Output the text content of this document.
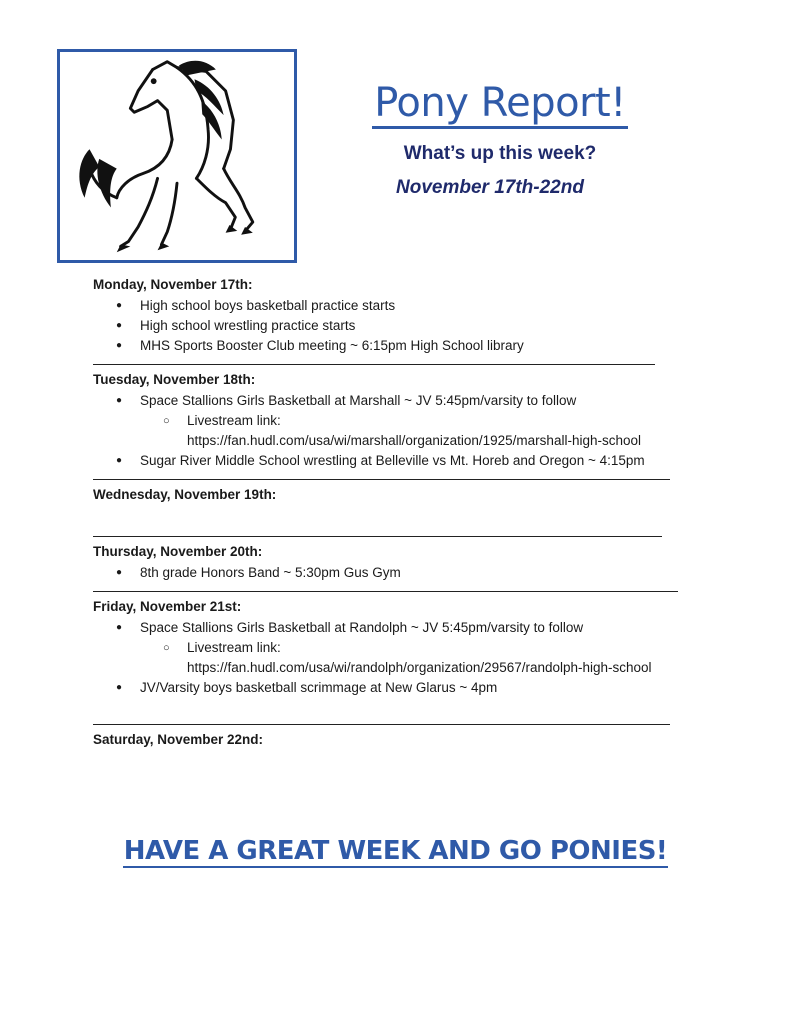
Pony Report!
What’s up this week?
November 17th-22nd
Monday, November 17th:
● High school boys basketball practice starts
● High school wrestling practice starts
● MHS Sports Booster Club meeting ~ 6:15pm High School library
Tuesday, November 18th:
● Space Stallions Girls Basketball at Marshall ~ JV 5:45pm/varsity to follow
○ Livestream link:
https://fan.hudl.com/usa/wi/marshall/organization/1925/marshall-high-school
● Sugar River Middle School wrestling at Belleville vs Mt. Horeb and Oregon ~ 4:15pm
Wednesday, November 19th:
Thursday, November 20th:
● 8th grade Honors Band ~ 5:30pm Gus Gym
Friday, November 21st:
● Space Stallions Girls Basketball at Randolph ~ JV 5:45pm/varsity to follow
○ Livestream link:
https://fan.hudl.com/usa/wi/randolph/organization/29567/randolph-high-school
● JV/Varsity boys basketball scrimmage at New Glarus ~ 4pm
Saturday, November 22nd:
HAVE A GREAT WEEK AND GO PONIES!
